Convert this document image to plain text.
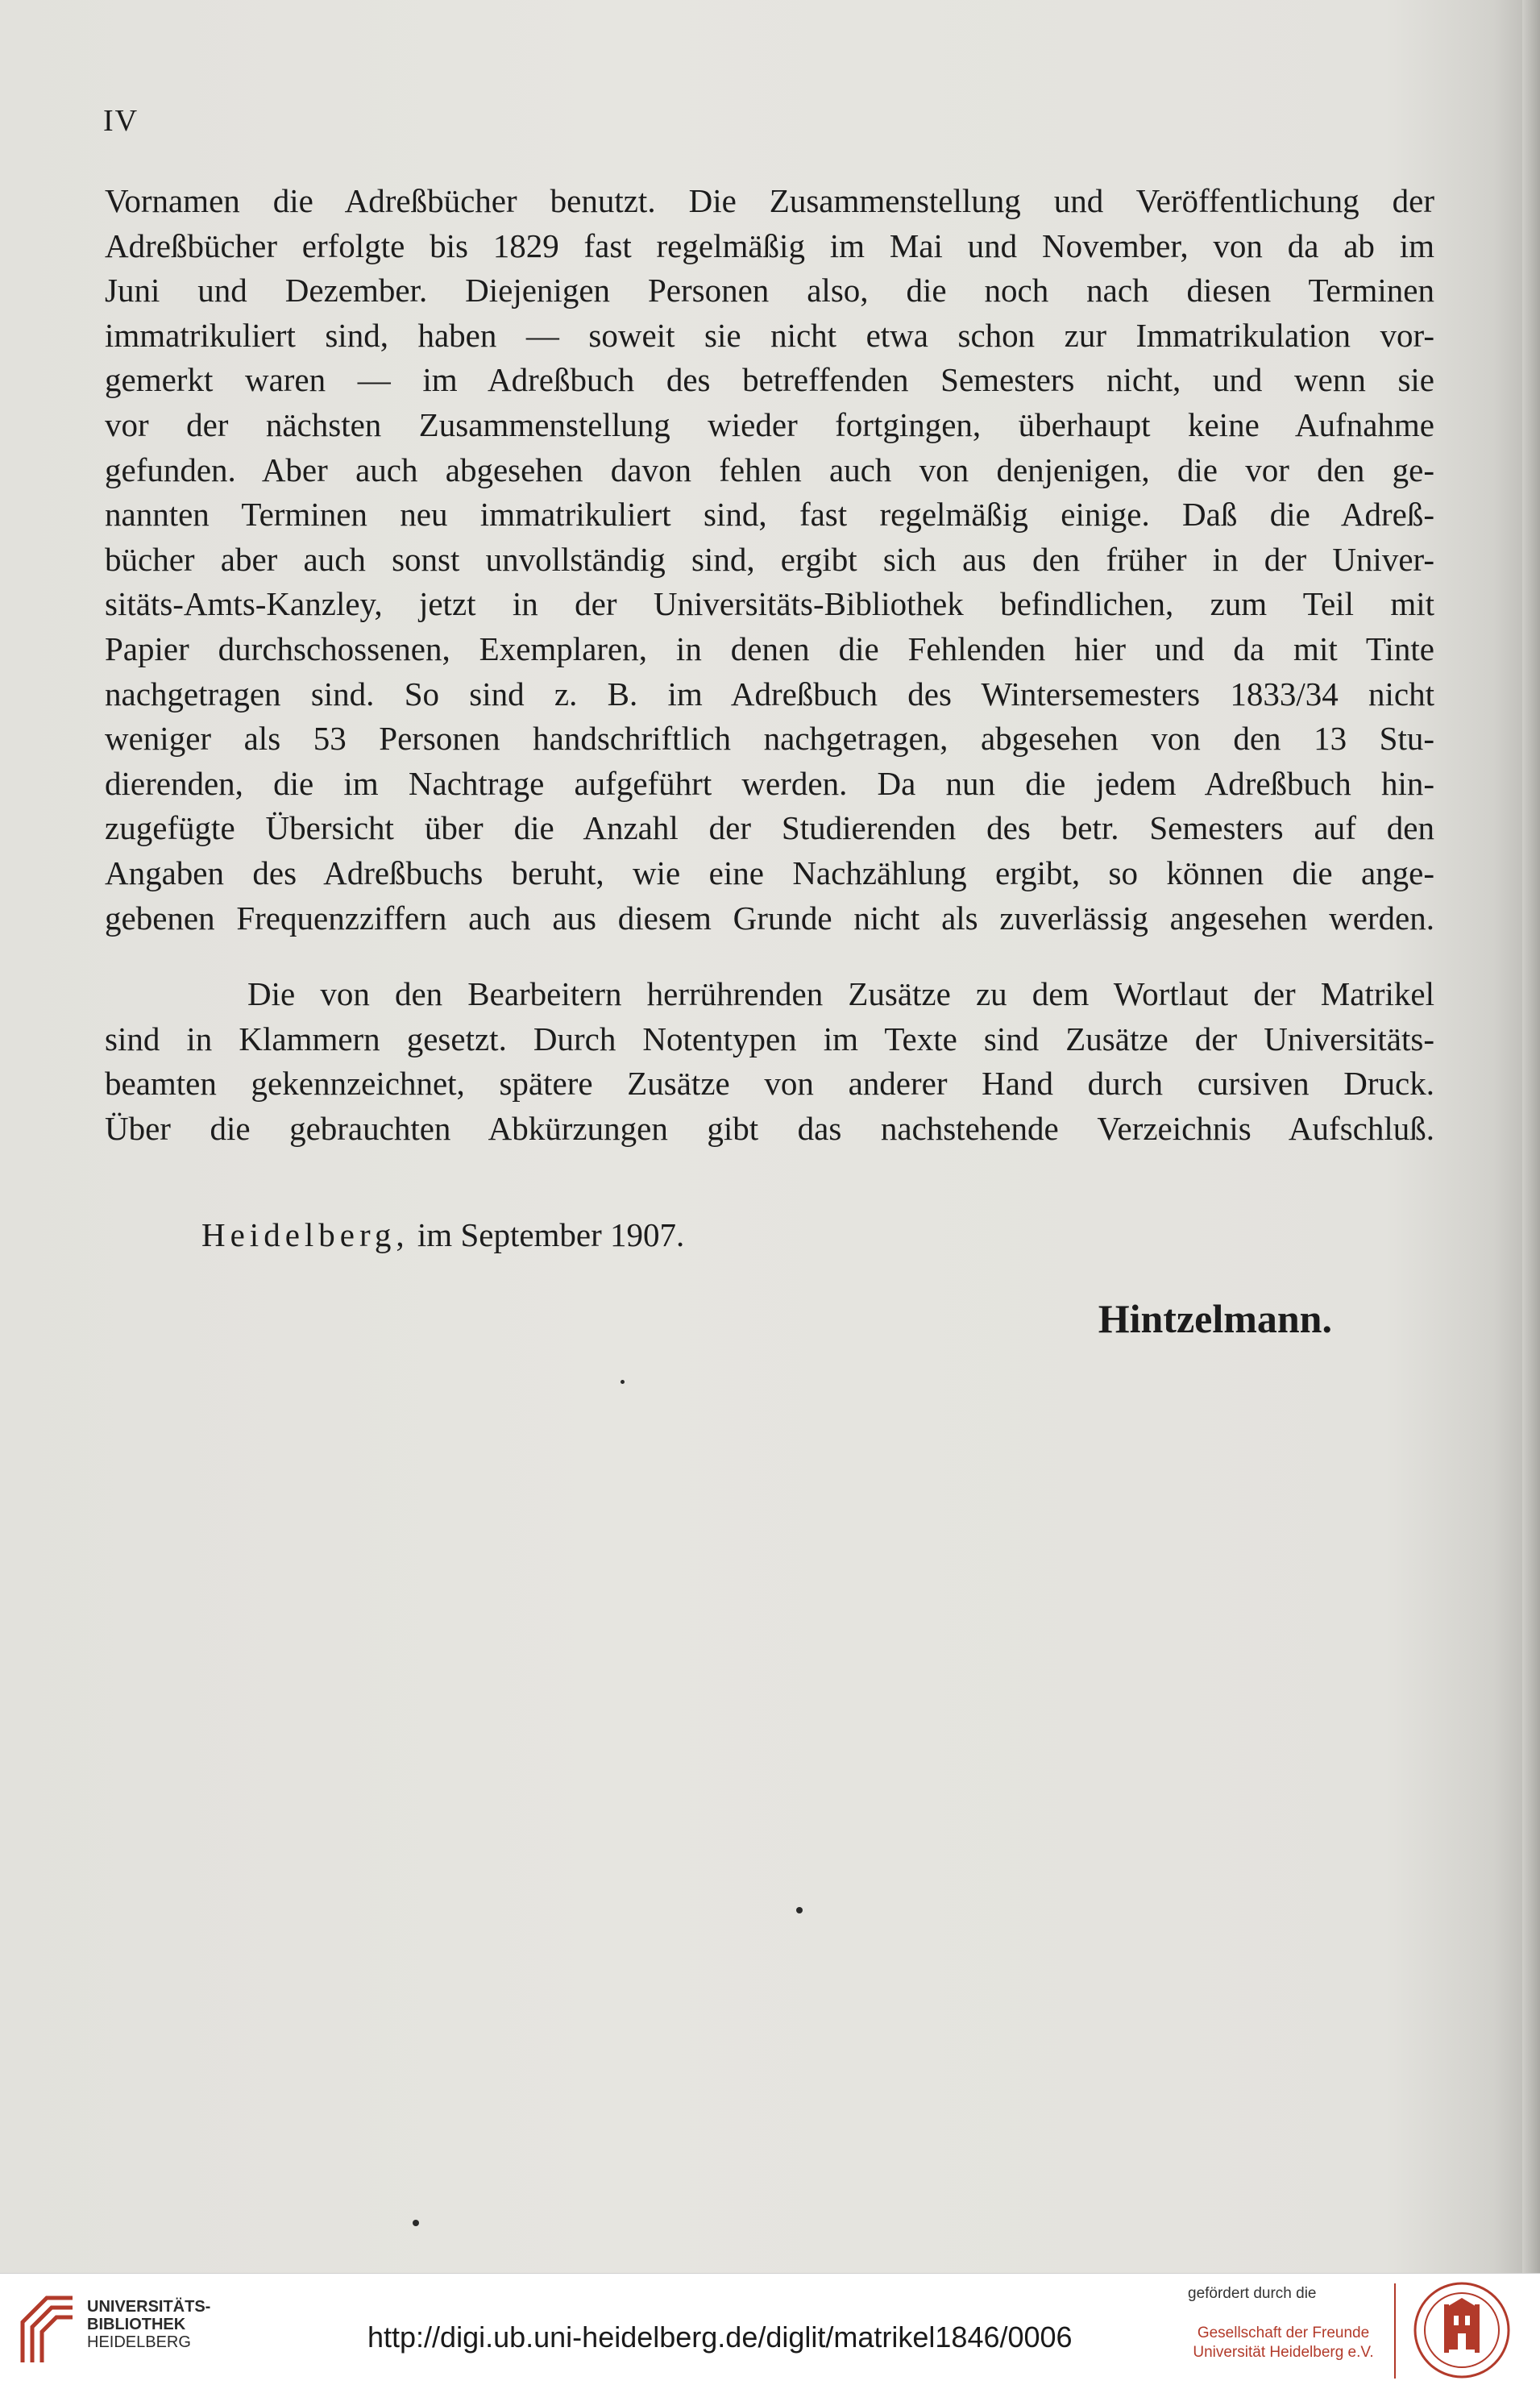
IV
Vornamen die Adreßbücher benutzt. Die Zusammenstellung und Veröffentlichung der
Adreßbücher erfolgte bis 1829 fast regelmäßig im Mai und November, von da ab im
Juni und Dezember. Diejenigen Personen also, die noch nach diesen Terminen
immatrikuliert sind, haben — soweit sie nicht etwa schon zur Immatrikulation vor-
gemerkt waren — im Adreßbuch des betreffenden Semesters nicht, und wenn sie
vor der nächsten Zusammenstellung wieder fortgingen, überhaupt keine Aufnahme
gefunden. Aber auch abgesehen davon fehlen auch von denjenigen, die vor den ge-
nannten Terminen neu immatrikuliert sind, fast regelmäßig einige. Daß die Adreß-
bücher aber auch sonst unvollständig sind, ergibt sich aus den früher in der Univer-
sitäts-Amts-Kanzley, jetzt in der Universitäts-Bibliothek befindlichen, zum Teil mit
Papier durchschossenen, Exemplaren, in denen die Fehlenden hier und da mit Tinte
nachgetragen sind. So sind z. B. im Adreßbuch des Wintersemesters 1833/34 nicht
weniger als 53 Personen handschriftlich nachgetragen, abgesehen von den 13 Stu-
dierenden, die im Nachtrage aufgeführt werden. Da nun die jedem Adreßbuch hin-
zugefügte Übersicht über die Anzahl der Studierenden des betr. Semesters auf den
Angaben des Adreßbuchs beruht, wie eine Nachzählung ergibt, so können die ange-
gebenen Frequenzziffern auch aus diesem Grunde nicht als zuverlässig angesehen werden.
Die von den Bearbeitern herrührenden Zusätze zu dem Wortlaut der Matrikel
sind in Klammern gesetzt. Durch Notentypen im Texte sind Zusätze der Universitäts-
beamten gekennzeichnet, spätere Zusätze von anderer Hand durch cursiven Druck.
Über die gebrauchten Abkürzungen gibt das nachstehende Verzeichnis Aufschluß.
Heidelberg, im September 1907.
Hintzelmann.
UNIVERSITÄTS-
BIBLIOTHEK
HEIDELBERG	http://digi.ub.uni-heidelberg.de/diglit/matrikel1846/0006
gefördert durch die
Gesellschaft der Freunde
Universität Heidelberg e.V.
